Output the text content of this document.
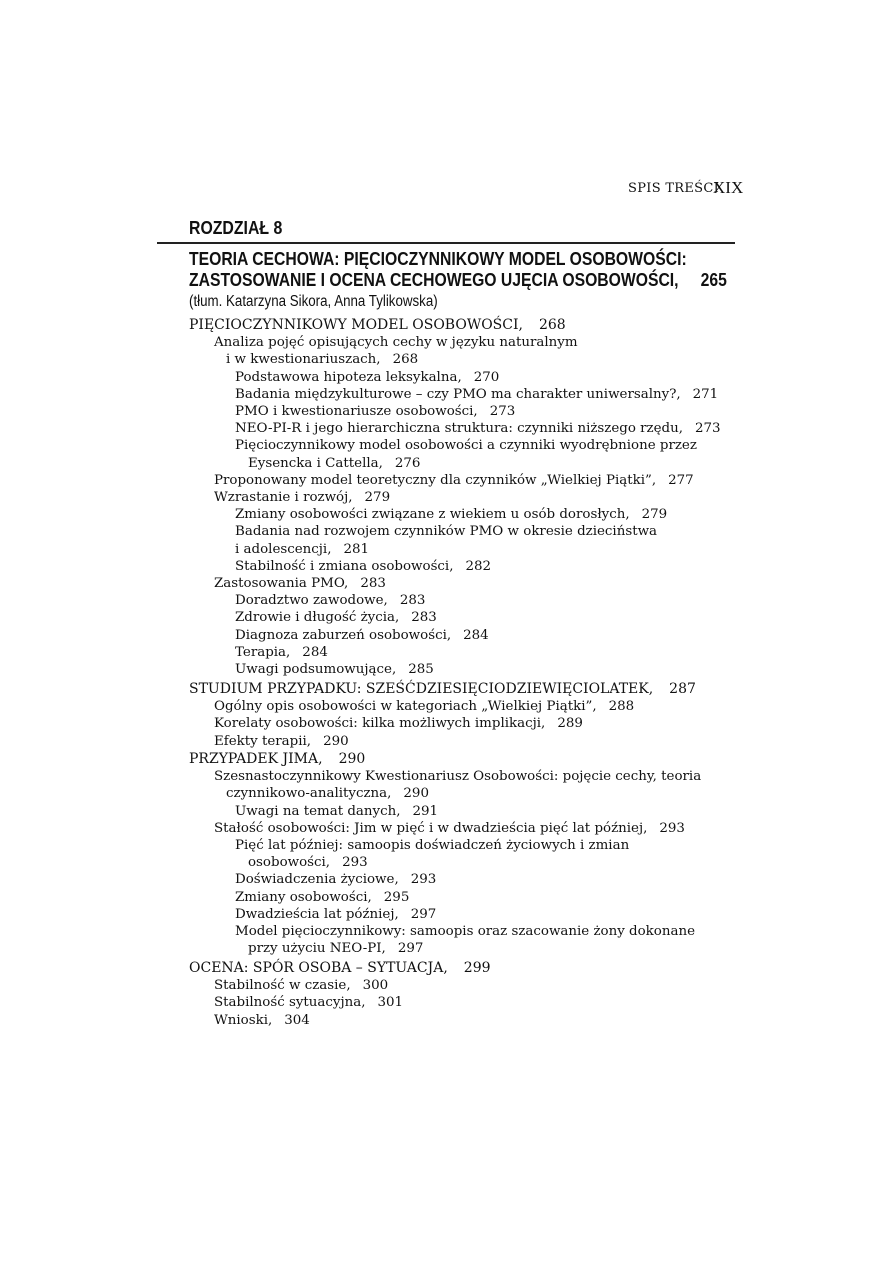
SPIS TREŚCI
XIX
ROZDZIAŁ 8
TEORIA CECHOWA: PIĘCIOCZYNNIKOWY MODEL OSOBOWOŚCI:
ZASTOSOWANIE I OCENA CECHOWEGO UJĘCIA OSOBOWOŚCI, 265
(tłum. Katarzyna Sikora, Anna Tylikowska)
PIĘCIOCZYNNIKOWY MODEL OSOBOWOŚCI, 268
Analiza pojęć opisujących cechy w języku naturalnym
i w kwestionariuszach, 268
Podstawowa hipoteza leksykalna, 270
Badania międzykulturowe – czy PMO ma charakter uniwersalny?, 271
PMO i kwestionariusze osobowości, 273
NEO-PI-R i jego hierarchiczna struktura: czynniki niższego rzędu, 273
Pięcioczynnikowy model osobowości a czynniki wyodrębnione przez
Eysencka i Cattella, 276
Proponowany model teoretyczny dla czynników „Wielkiej Piątki”, 277
Wzrastanie i rozwój, 279
Zmiany osobowości związane z wiekiem u osób dorosłych, 279
Badania nad rozwojem czynników PMO w okresie dzieciństwa
i adolescencji, 281
Stabilność i zmiana osobowości, 282
Zastosowania PMO, 283
Doradztwo zawodowe, 283
Zdrowie i długość życia, 283
Diagnoza zaburzeń osobowości, 284
Terapia, 284
Uwagi podsumowujące, 285
STUDIUM PRZYPADKU: SZEŚĆDZIESIĘCIODZIEWIĘCIOLATEK, 287
Ogólny opis osobowości w kategoriach „Wielkiej Piątki”, 288
Korelaty osobowości: kilka możliwych implikacji, 289
Efekty terapii, 290
PRZYPADEK JIMA, 290
Szesnastoczynnikowy Kwestionariusz Osobowości: pojęcie cechy, teoria
czynnikowo-analityczna, 290
Uwagi na temat danych, 291
Stałość osobowości: Jim w pięć i w dwadzieścia pięć lat później, 293
Pięć lat później: samoopis doświadczeń życiowych i zmian
osobowości, 293
Doświadczenia życiowe, 293
Zmiany osobowości, 295
Dwadzieścia lat później, 297
Model pięcioczynnikowy: samoopis oraz szacowanie żony dokonane
przy użyciu NEO-PI, 297
OCENA: SPÓR OSOBA – SYTUACJA, 299
Stabilność w czasie, 300
Stabilność sytuacyjna, 301
Wnioski, 304
